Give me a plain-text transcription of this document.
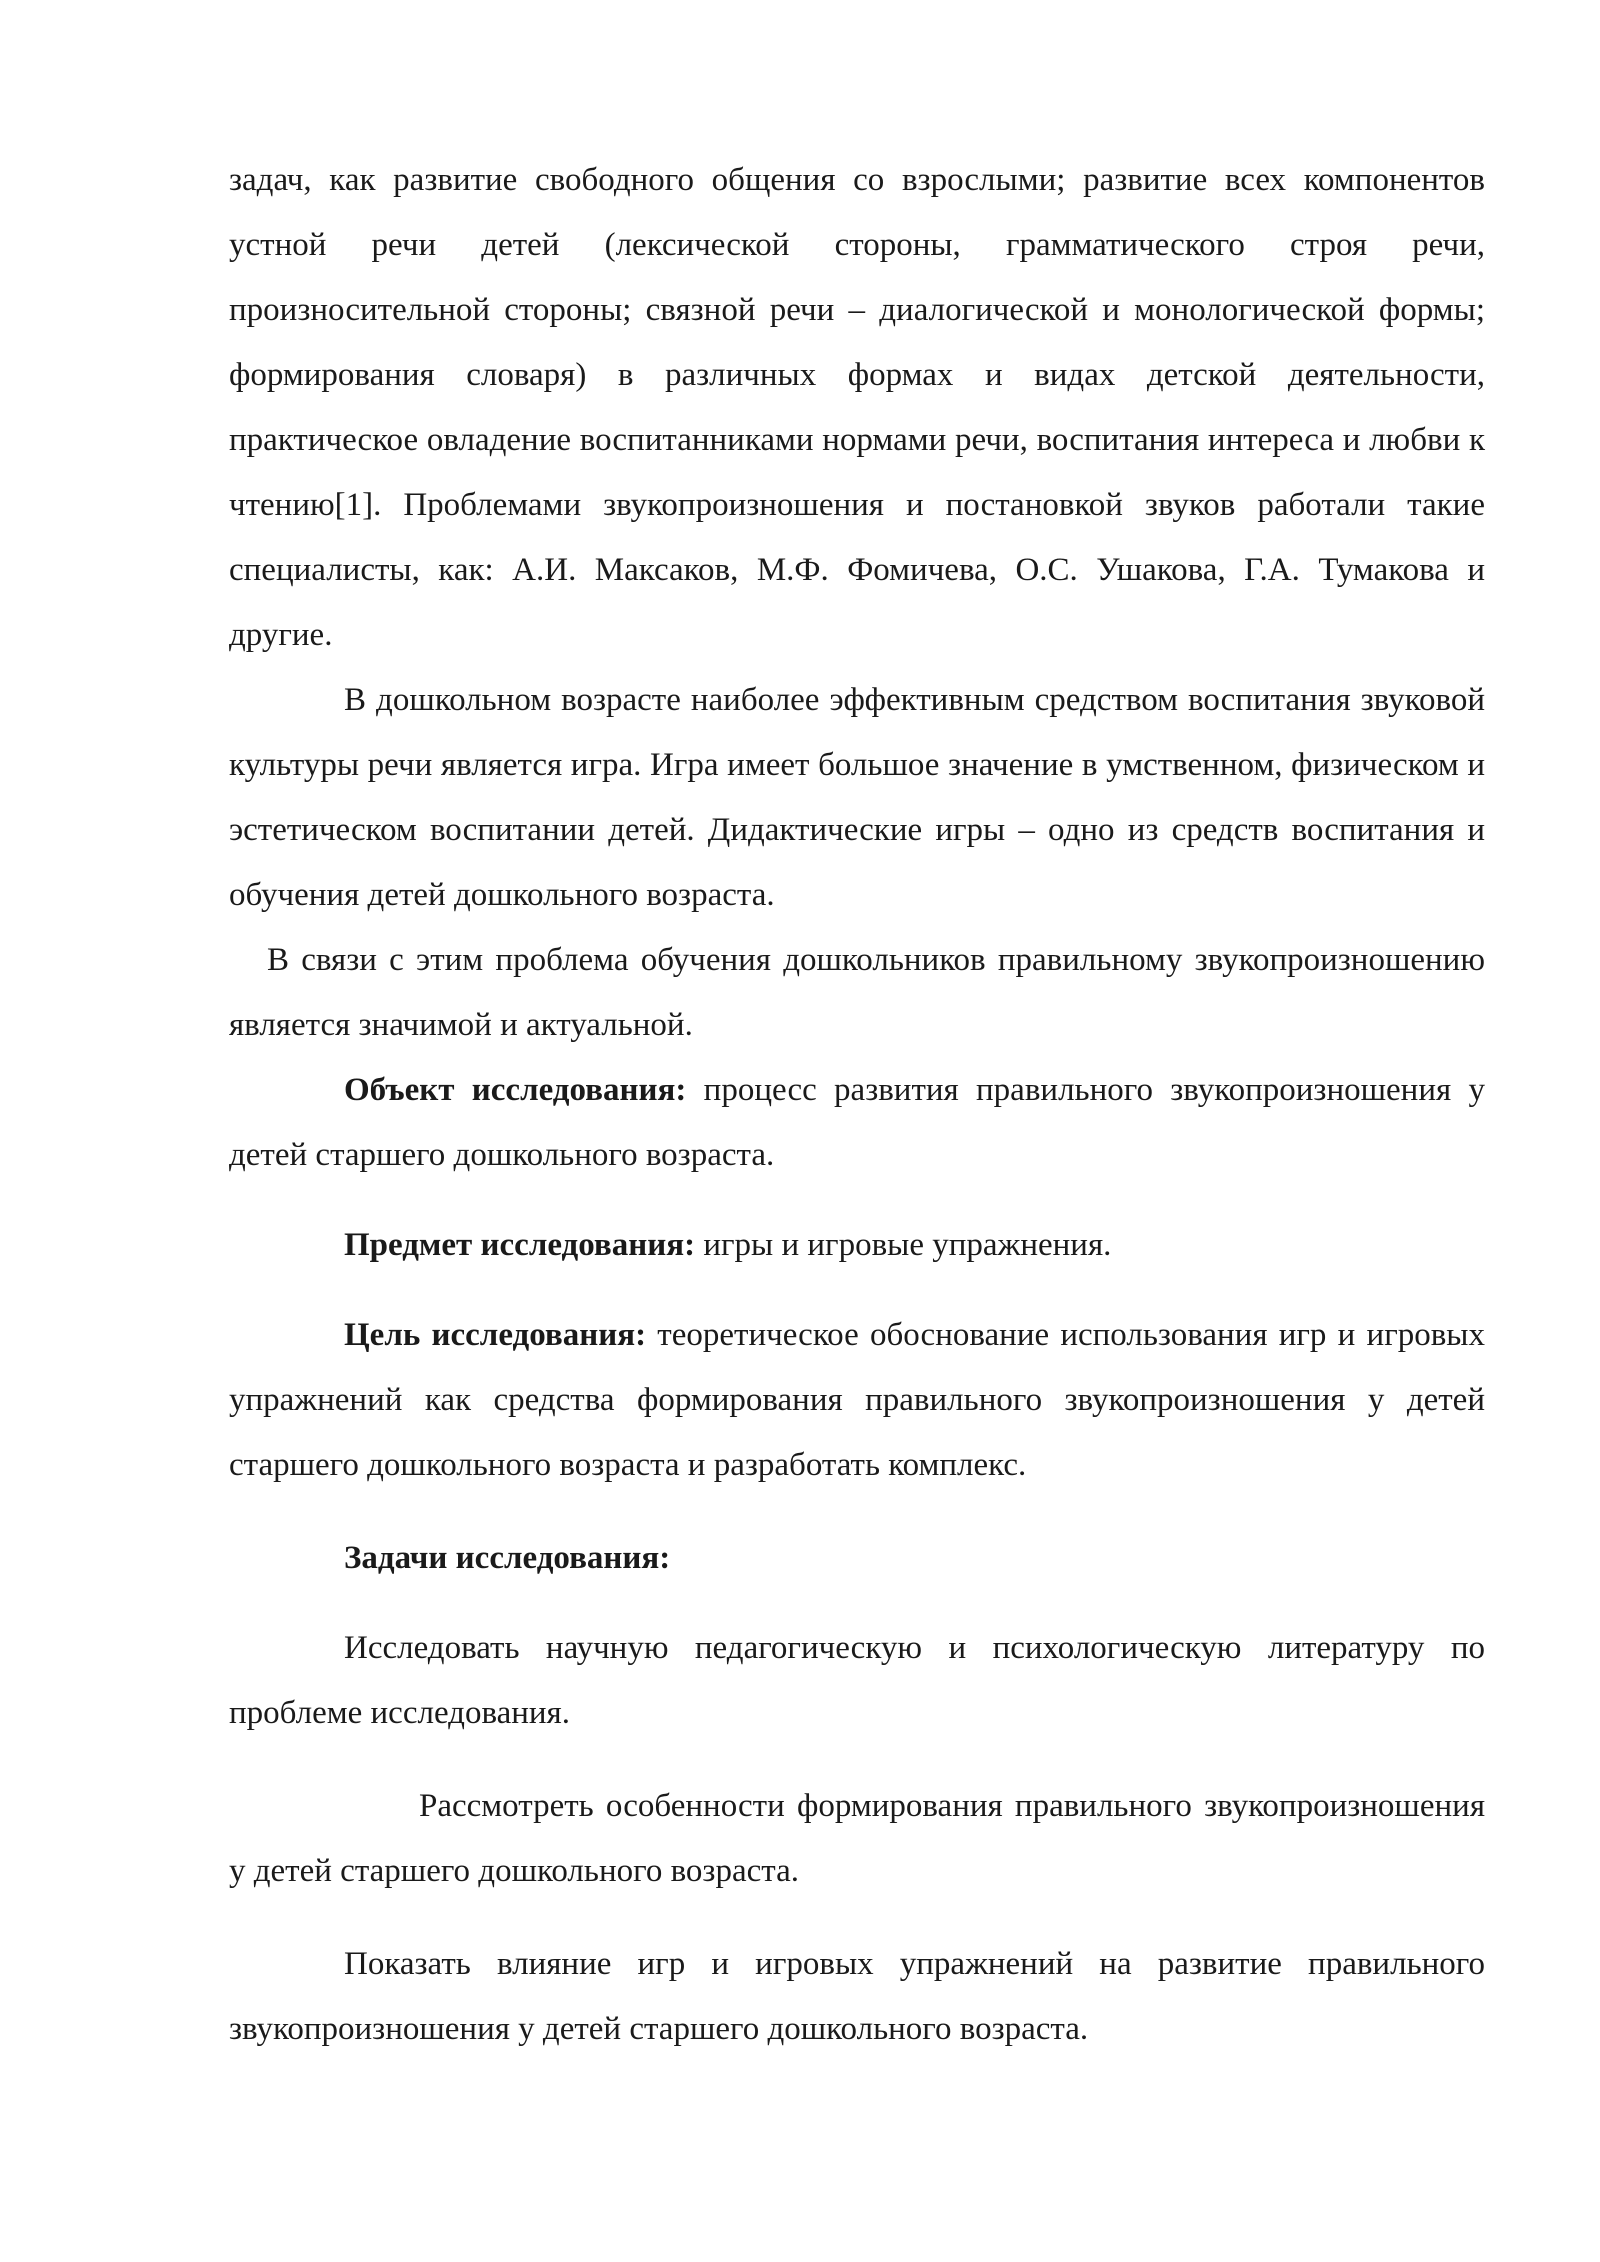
задач, как развитие свободного общения со взрослыми; развитие всех компонентов устной речи детей (лексической стороны, грамматического строя речи, произносительной стороны; связной речи – диалогической и монологической формы; формирования словаря) в различных формах и видах детской деятельности, практическое овладение воспитанниками нормами речи, воспитания интереса и любви к чтению[1]. Проблемами звукопроизношения и постановкой звуков работали такие специалисты, как: А.И. Максаков, М.Ф. Фомичева, О.С. Ушакова, Г.А. Тумакова и другие.

В дошкольном возрасте наиболее эффективным средством воспитания звуковой культуры речи является игра. Игра имеет большое значение в умственном, физическом и эстетическом воспитании детей. Дидактические игры – одно из средств воспитания и обучения детей дошкольного возраста.

В связи с этим проблема обучения дошкольников правильному звукопроизношению является значимой и актуальной.

Объект исследования: процесс развития правильного звукопроизношения у детей старшего дошкольного возраста.

Предмет исследования: игры и игровые упражнения.

Цель исследования: теоретическое обоснование использования игр и игровых упражнений как средства формирования правильного звукопроизношения у детей старшего дошкольного возраста и разработать комплекс.

Задачи исследования:

Исследовать научную педагогическую и психологическую литературу по проблеме исследования.

Рассмотреть особенности формирования правильного звукопроизношения у детей старшего дошкольного возраста.

Показать влияние игр и игровых упражнений на развитие правильного звукопроизношения у детей старшего дошкольного возраста.
